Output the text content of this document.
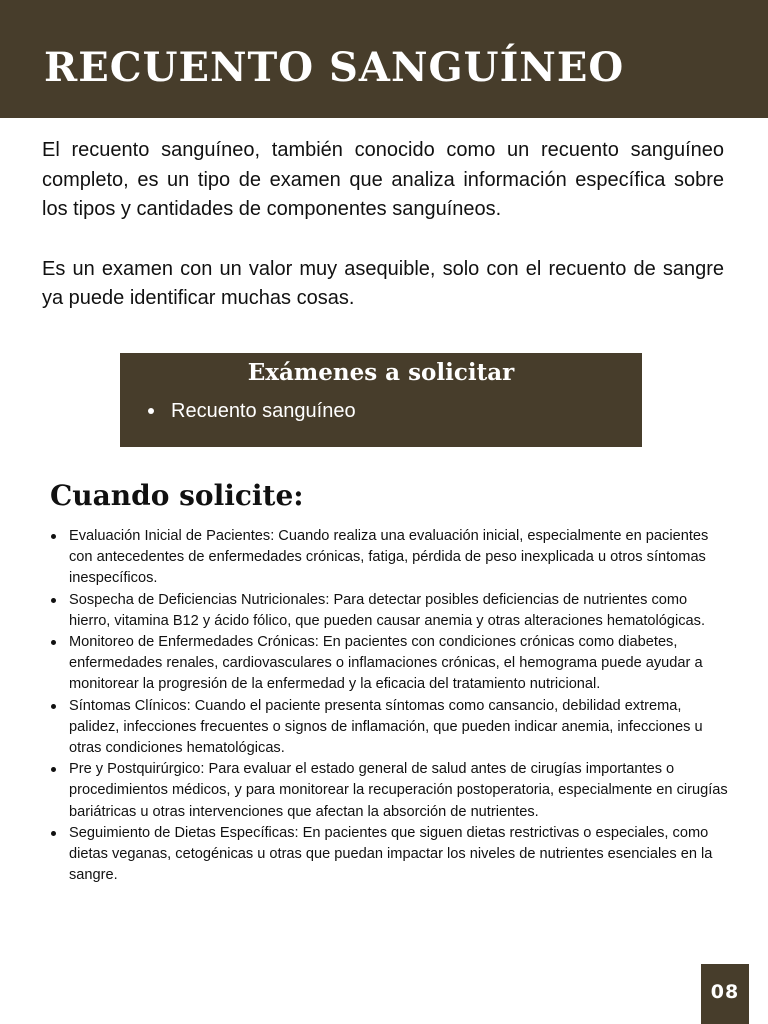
RECUENTO SANGUÍNEO

El recuento sanguíneo, también conocido como un recuento sanguíneo completo, es un tipo de examen que analiza información específica sobre los tipos y cantidades de componentes sanguíneos.

Es un examen con un valor muy asequible, solo con el recuento de sangre ya puede identificar muchas cosas.

Exámenes a solicitar
Recuento sanguíneo
Cuando solicite:
Evaluación Inicial de Pacientes: Cuando realiza una evaluación inicial, especialmente en pacientes con antecedentes de enfermedades crónicas, fatiga, pérdida de peso inexplicada u otros síntomas inespecíficos.
Sospecha de Deficiencias Nutricionales: Para detectar posibles deficiencias de nutrientes como hierro, vitamina B12 y ácido fólico, que pueden causar anemia y otras alteraciones hematológicas.
Monitoreo de Enfermedades Crónicas: En pacientes con condiciones crónicas como diabetes, enfermedades renales, cardiovasculares o inflamaciones crónicas, el hemograma puede ayudar a monitorear la progresión de la enfermedad y la eficacia del tratamiento nutricional.
Síntomas Clínicos: Cuando el paciente presenta síntomas como cansancio, debilidad extrema, palidez, infecciones frecuentes o signos de inflamación, que pueden indicar anemia, infecciones u otras condiciones hematológicas.
Pre y Postquirúrgico: Para evaluar el estado general de salud antes de cirugías importantes o procedimientos médicos, y para monitorear la recuperación postoperatoria, especialmente en cirugías bariátricas u otras intervenciones que afectan la absorción de nutrientes.
Seguimiento de Dietas Específicas: En pacientes que siguen dietas restrictivas o especiales, como dietas veganas, cetogénicas u otras que puedan impactar los niveles de nutrientes esenciales en la sangre.
08
